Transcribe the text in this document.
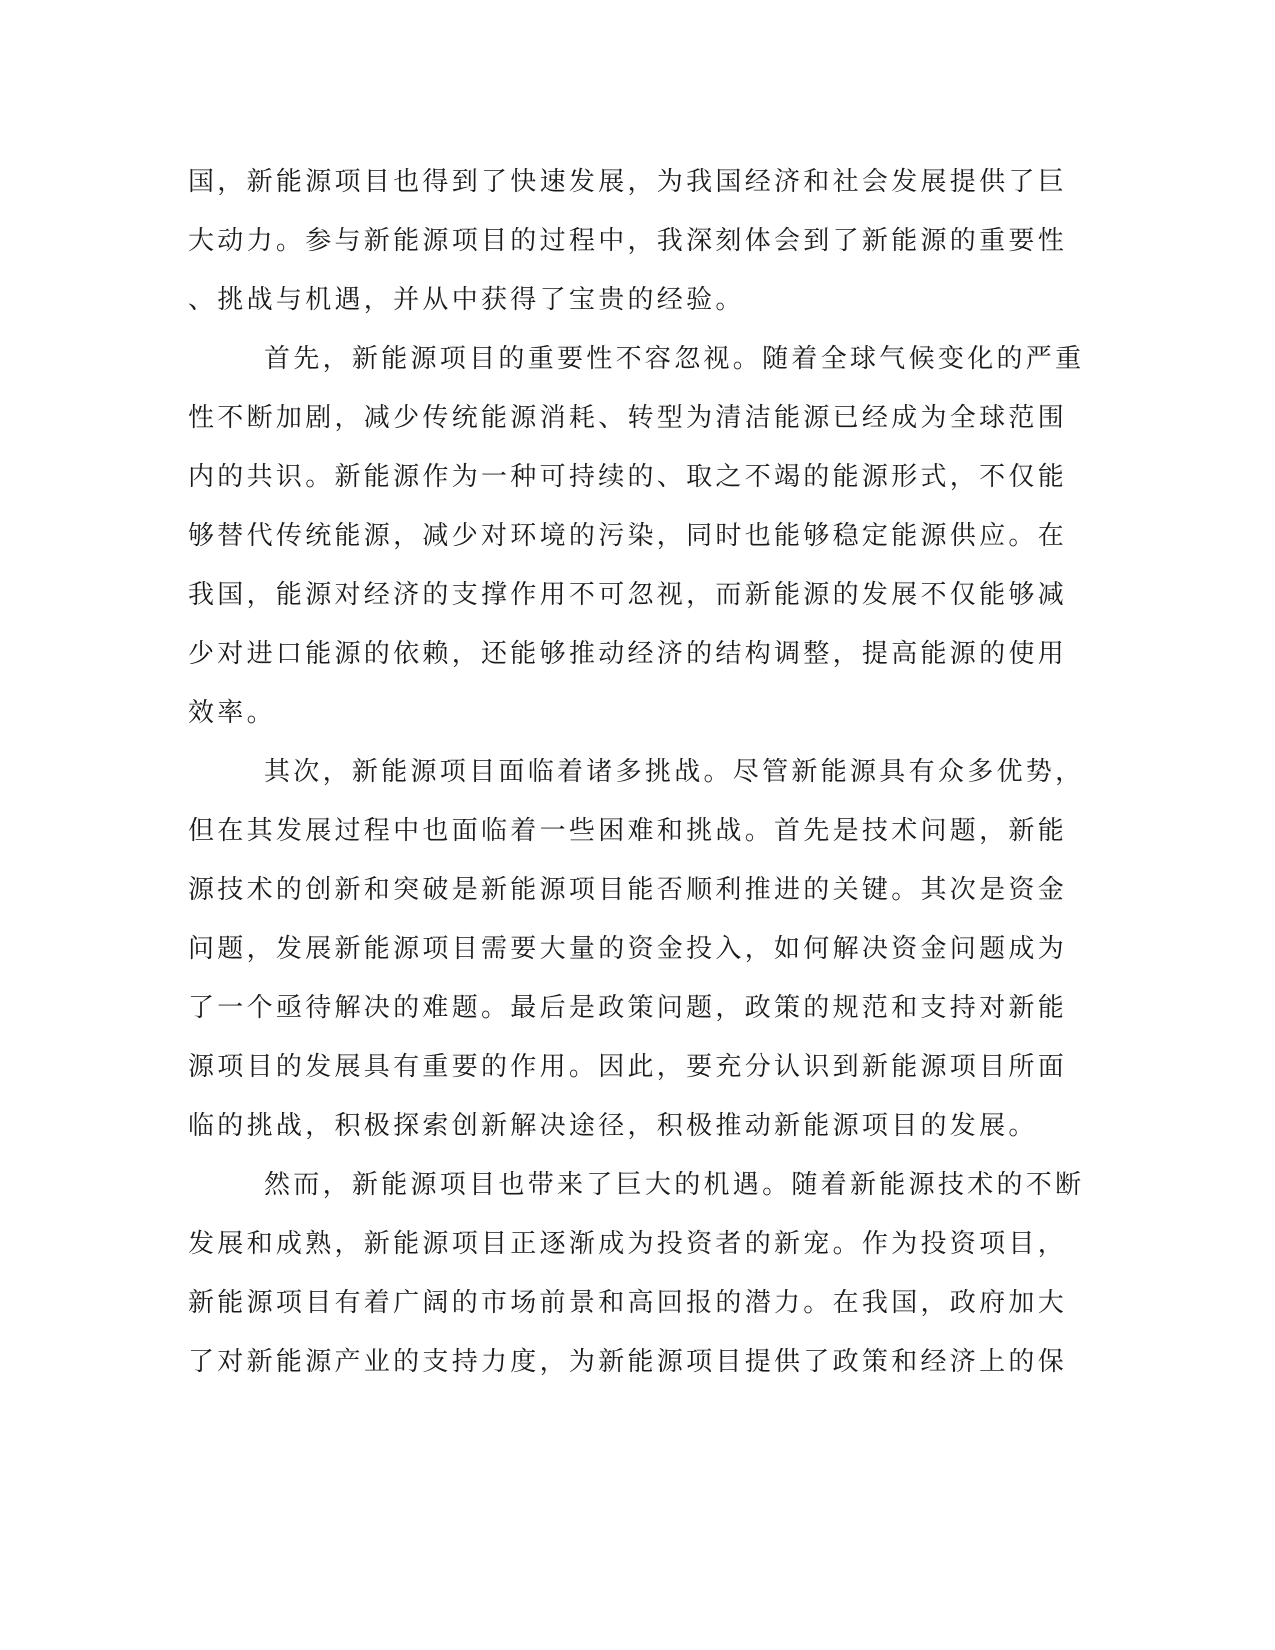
国，新能源项目也得到了快速发展，为我国经济和社会发展提供了巨
大动力。参与新能源项目的过程中，我深刻体会到了新能源的重要性
、挑战与机遇，并从中获得了宝贵的经验。
首先，新能源项目的重要性不容忽视。随着全球气候变化的严重
性不断加剧，减少传统能源消耗、转型为清洁能源已经成为全球范围
内的共识。新能源作为一种可持续的、取之不竭的能源形式，不仅能
够替代传统能源，减少对环境的污染，同时也能够稳定能源供应。在
我国，能源对经济的支撑作用不可忽视，而新能源的发展不仅能够减
少对进口能源的依赖，还能够推动经济的结构调整，提高能源的使用
效率。
其次，新能源项目面临着诸多挑战。尽管新能源具有众多优势，
但在其发展过程中也面临着一些困难和挑战。首先是技术问题，新能
源技术的创新和突破是新能源项目能否顺利推进的关键。其次是资金
问题，发展新能源项目需要大量的资金投入，如何解决资金问题成为
了一个亟待解决的难题。最后是政策问题，政策的规范和支持对新能
源项目的发展具有重要的作用。因此，要充分认识到新能源项目所面
临的挑战，积极探索创新解决途径，积极推动新能源项目的发展。
然而，新能源项目也带来了巨大的机遇。随着新能源技术的不断
发展和成熟，新能源项目正逐渐成为投资者的新宠。作为投资项目，
新能源项目有着广阔的市场前景和高回报的潜力。在我国，政府加大
了对新能源产业的支持力度，为新能源项目提供了政策和经济上的保
